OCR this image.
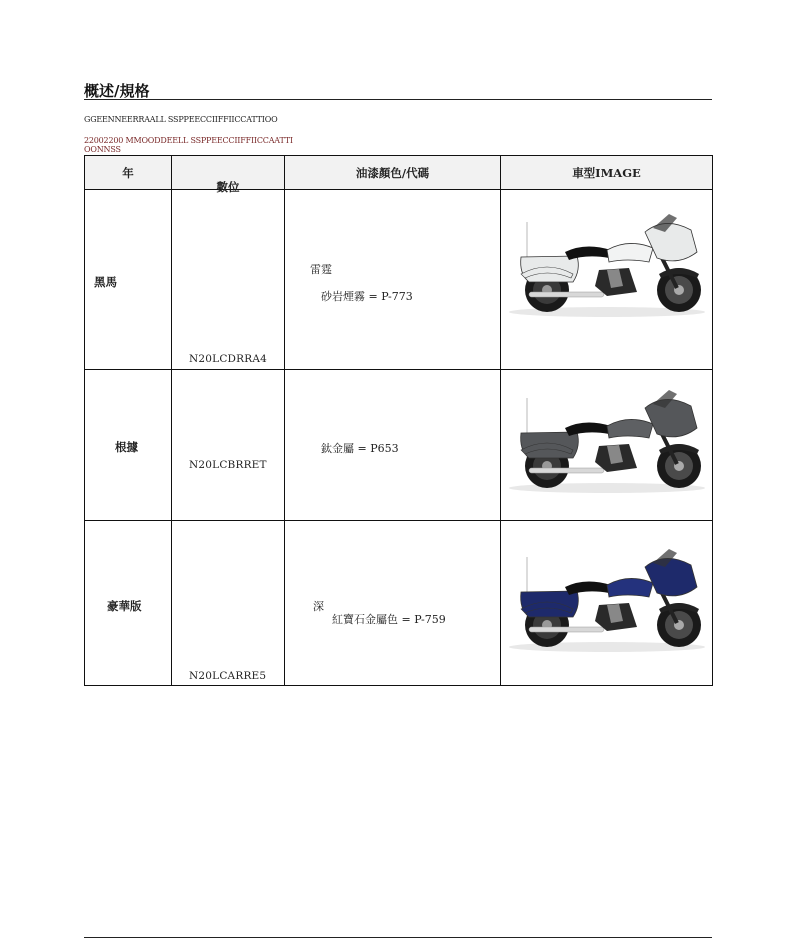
概述/規格
GGEENNEERRAALL SSPPEECCIIFFIICCATTIOO
22002200 MMOODDEELL SSPPEECCIIFFIICCAATTI OONNSS
年	數位	油漆顏色/代碼	車型IMAGE

黑馬	N20LCDRRA4	雷霆
砂岩煙霧 = P-773

根據	N20LCBRRET	鈦金屬 = P653

豪華版	N20LCARRE5	深
紅寶石金屬色 = P-759
